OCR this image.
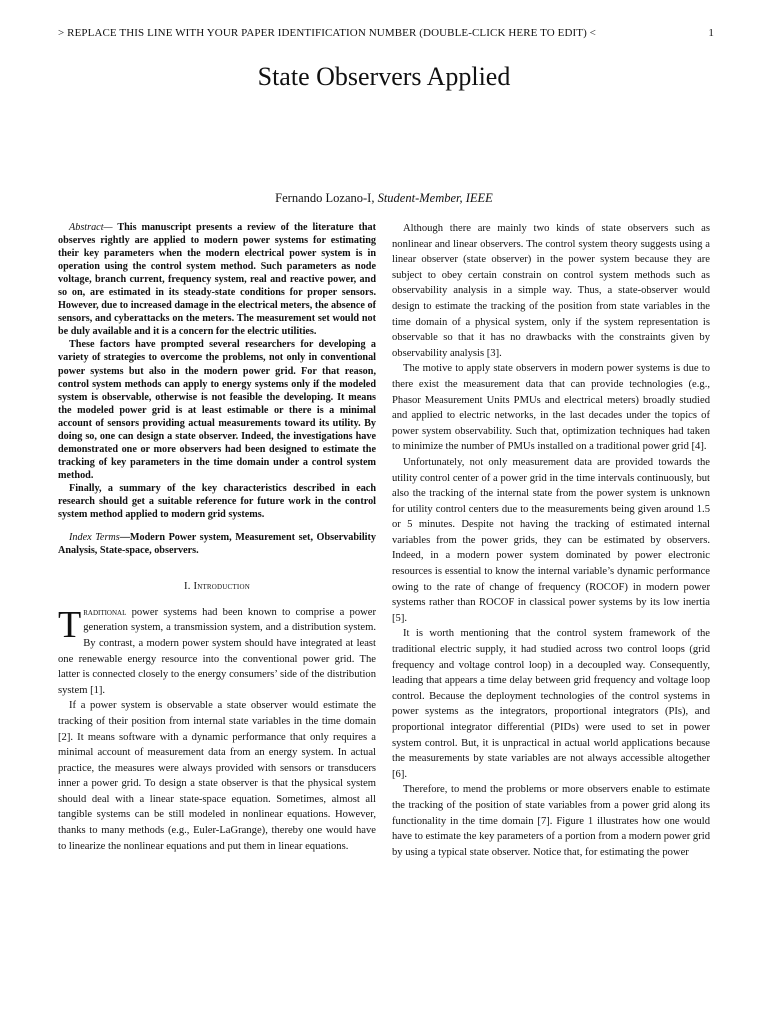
> REPLACE THIS LINE WITH YOUR PAPER IDENTIFICATION NUMBER (DOUBLE-CLICK HERE TO EDIT) <	1
State Observers Applied
Fernando Lozano-I, Student-Member, IEEE

Abstract— This manuscript presents a review of the literature that observes rightly are applied to modern power systems for estimating their key parameters when the modern electrical power system is in operation using the control system method. Such parameters as node voltage, branch current, frequency system, real and reactive power, and so on, are estimated in its steady-state conditions for proper sensors. However, due to increased damage in the electrical meters, the absence of sensors, and cyberattacks on the meters. The measurement set would not be duly available and it is a concern for the electric utilities.

These factors have prompted several researchers for developing a variety of strategies to overcome the problems, not only in conventional power systems but also in the modern power grid. For that reason, control system methods can apply to energy systems only if the modeled system is observable, otherwise is not feasible the developing. It means the modeled power grid is at least estimable or there is a minimal account of sensors providing actual measurements toward its utility. By doing so, one can design a state observer. Indeed, the investigations have demonstrated one or more observers had been designed to estimate the tracking of key parameters in the time domain under a control system method.

Finally, a summary of the key characteristics described in each research should get a suitable reference for future work in the control system method applied to modern grid systems.

Index Terms—Modern Power system, Measurement set, Observability Analysis, State-space, observers.

I. Introduction

Traditional power systems had been known to comprise a power generation system, a transmission system, and a distribution system. By contrast, a modern power system should have integrated at least one renewable energy resource into the conventional power grid. The latter is connected closely to the energy consumers’ side of the distribution system [1].

If a power system is observable a state observer would estimate the tracking of their position from internal state variables in the time domain [2]. It means software with a dynamic performance that only requires a minimal account of measurement data from an energy system. In actual practice, the measures were always provided with sensors or transducers inner a power grid. To design a state observer is that the physical system should deal with a linear state-space equation. Sometimes, almost all tangible systems can be still modeled in nonlinear equations. However, thanks to many methods (e.g., Euler-LaGrange), thereby one would have to linearize the nonlinear equations and put them in linear equations.

Although there are mainly two kinds of state observers such as nonlinear and linear observers. The control system theory suggests using a linear observer (state observer) in the power system because they are subject to obey certain constrain on control system methods such as observability analysis in a simple way. Thus, a state-observer would design to estimate the tracking of the position from state variables in the time domain of a physical system, only if the system representation is observable so that it has no drawbacks with the constraints given by observability analysis [3].

The motive to apply state observers in modern power systems is due to there exist the measurement data that can provide technologies (e.g., Phasor Measurement Units PMUs and electrical meters) broadly studied and applied to electric networks, in the last decades under the topics of power system observability. Such that, optimization techniques had taken to minimize the number of PMUs installed on a traditional power grid [4].

Unfortunately, not only measurement data are provided towards the utility control center of a power grid in the time intervals continuously, but also the tracking of the internal state from the power system is unknown for utility control centers due to the measurements being given around 1.5 or 5 minutes. Despite not having the tracking of estimated internal variables from the power grids, they can be estimated by observers. Indeed, in a modern power system dominated by power electronic resources is essential to know the internal variable’s dynamic performance owing to the rate of change of frequency (ROCOF) in modern power systems rather than ROCOF in classical power systems by its low inertia [5].

It is worth mentioning that the control system framework of the traditional electric supply, it had studied across two control loops (grid frequency and voltage control loop) in a decoupled way. Consequently, leading that appears a time delay between grid frequency and voltage loop control. Because the deployment technologies of the control systems in power systems as the integrators, proportional integrators (PIs), and proportional integrator differential (PIDs) were used to set in power system control. But, it is unpractical in actual world applications because the measurements by state variables are not always accessible altogether [6].

Therefore, to mend the problems or more observers enable to estimate the tracking of the position of state variables from a power grid along its functionality in the time domain [7]. Figure 1 illustrates how one would have to estimate the key parameters of a portion from a modern power grid by using a typical state observer. Notice that, for estimating the power
